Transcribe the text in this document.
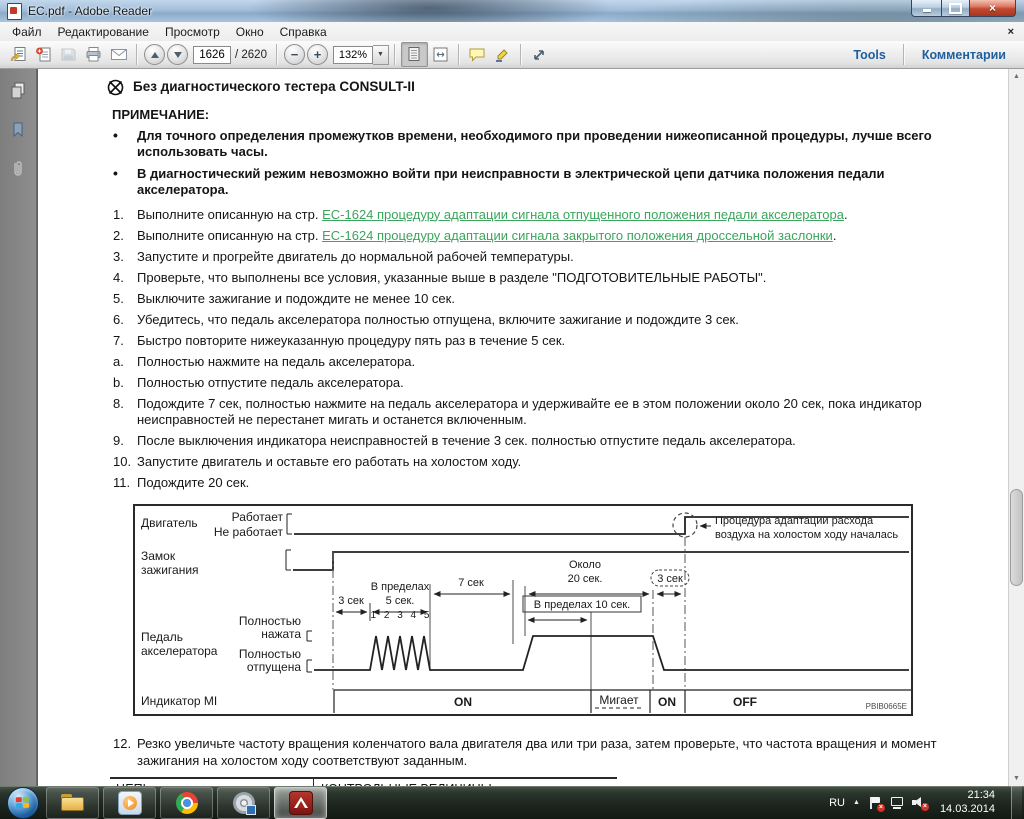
EC.pdf - Adobe Reader	×
Файл	Редактирование	Просмотр	Окно	Справка	×
1626
/ 2620 − +	132%	▼	Tools	Комментарии
Без диагностического тестера CONSULT-II
ПРИМЕЧАНИЕ:
•	Для точного определения промежутков времени, необходимого при проведении нижеописанной процедуры, лучше всего использовать часы.
•	В диагностический режим невозможно войти при неисправности в электрической цепи датчика положения педали акселератора.
1.	Выполните описанную на стр. EC-1624 процедуру адаптации сигнала отпущенного положения педали акселератора.
2.	Выполните описанную на стр. EC-1624 процедуру адаптации сигнала закрытого положения дроссельной заслонки.
3.	Запустите и прогрейте двигатель до нормальной рабочей температуры.
4.	Проверьте, что выполнены все условия, указанные выше в разделе "ПОДГОТОВИТЕЛЬНЫЕ РАБОТЫ".
5.	Выключите зажигание и подождите не менее 10 сек.
6.	Убедитесь, что педаль акселератора полностью отпущена, включите зажигание и подождите 3 сек.
7.	Быстро повторите нижеуказанную процедуру пять раз в течение 5 сек.
a.	Полностью нажмите на педаль акселератора.
b.	Полностью отпустите педаль акселератора.
8.	Подождите 7 сек, полностью нажмите на педаль акселератора и удерживайте ее в этом положении около 20 сек, пока индикатор неисправностей не перестанет мигать и останется включенным.
9.	После выключения индикатора неисправностей в течение 3 сек. полностью отпустите педаль акселератора.
10. Запустите двигатель и оставьте его работать на холостом ходу.
11. Подождите 20 сек.
Двигатель	Работает
Не работает
Процедура адаптации расхода
воздуха на холостом ходу началась
Замок
зажигания
3 сек
В пределах
5 сек.
1 2 3 4 5
7 сек
Около
20 сек.	3 сек
В пределах 10 сек.
Полностью
нажата
Педаль
акселератора Полностью
отпущена
Индикатор MI	ON	Мигает ON	OFF	PBIB0665E
12. Резко увеличьте частоту вращения коленчатого вала двигателя два или три раза, затем проверьте, что частота вращения и момент зажигания на холостом ходу соответствуют заданным.
▲
▼
RU ▲
×	×
21:34
14.03.2014
